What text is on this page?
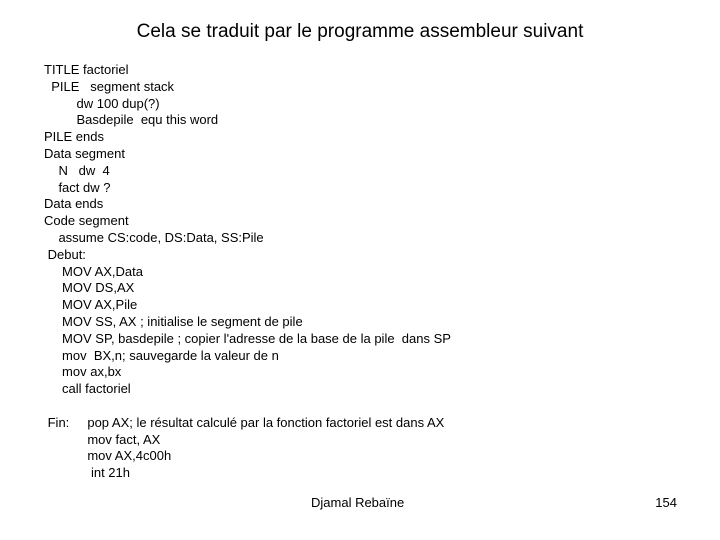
Cela se traduit par le programme assembleur suivant
TITLE factoriel
PILE   segment stack
dw 100 dup(?)
Basdepile  equ this word
PILE ends
Data segment
N   dw  4
fact dw ?
Data ends
Code segment
assume CS:code, DS:Data, SS:Pile
Debut:
MOV AX,Data
MOV DS,AX
MOV AX,Pile
MOV SS, AX ; initialise le segment de pile
MOV SP, basdepile ; copier l'adresse de la base de la pile  dans SP
mov  BX,n; sauvegarde la valeur de n
mov ax,bx
call factoriel
Fin:     pop AX; le résultat calculé par la fonction factoriel est dans AX
mov fact, AX
mov AX,4c00h
int 21h
Djamal Rebaïne	154
